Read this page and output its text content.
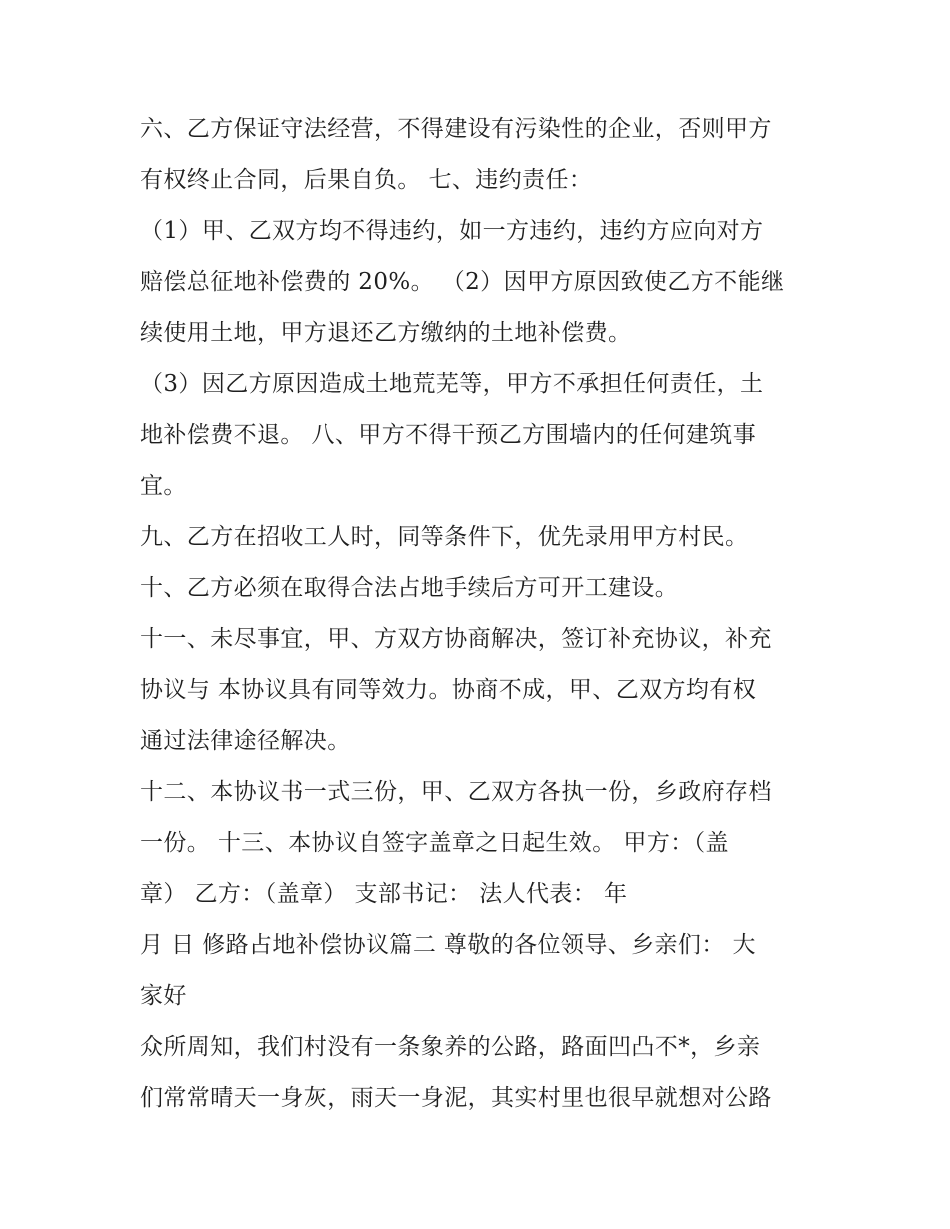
六、乙方保证守法经营，不得建设有污染性的企业，否则甲方
有权终止合同，后果自负。 七、违约责任：
（1）甲、乙双方均不得违约，如一方违约，违约方应向对方
赔偿总征地补偿费的 20%。 （2）因甲方原因致使乙方不能继
续使用土地，甲方退还乙方缴纳的土地补偿费。
（3）因乙方原因造成土地荒芜等，甲方不承担任何责任，土
地补偿费不退。 八、甲方不得干预乙方围墙内的任何建筑事
宜。
九、乙方在招收工人时，同等条件下，优先录用甲方村民。
十、乙方必须在取得合法占地手续后方可开工建设。
十一、未尽事宜，甲、方双方协商解决，签订补充协议，补充
协议与 本协议具有同等效力。协商不成，甲、乙双方均有权
通过法律途径解决。
十二、本协议书一式三份，甲、乙双方各执一份，乡政府存档
一份。 十三、本协议自签字盖章之日起生效。 甲方：（盖
章） 乙方：（盖章） 支部书记： 法人代表： 年
月 日 修路占地补偿协议篇二 尊敬的各位领导、乡亲们： 大
家好
众所周知，我们村没有一条象养的公路，路面凹凸不*，乡亲
们常常晴天一身灰，雨天一身泥，其实村里也很早就想对公路
